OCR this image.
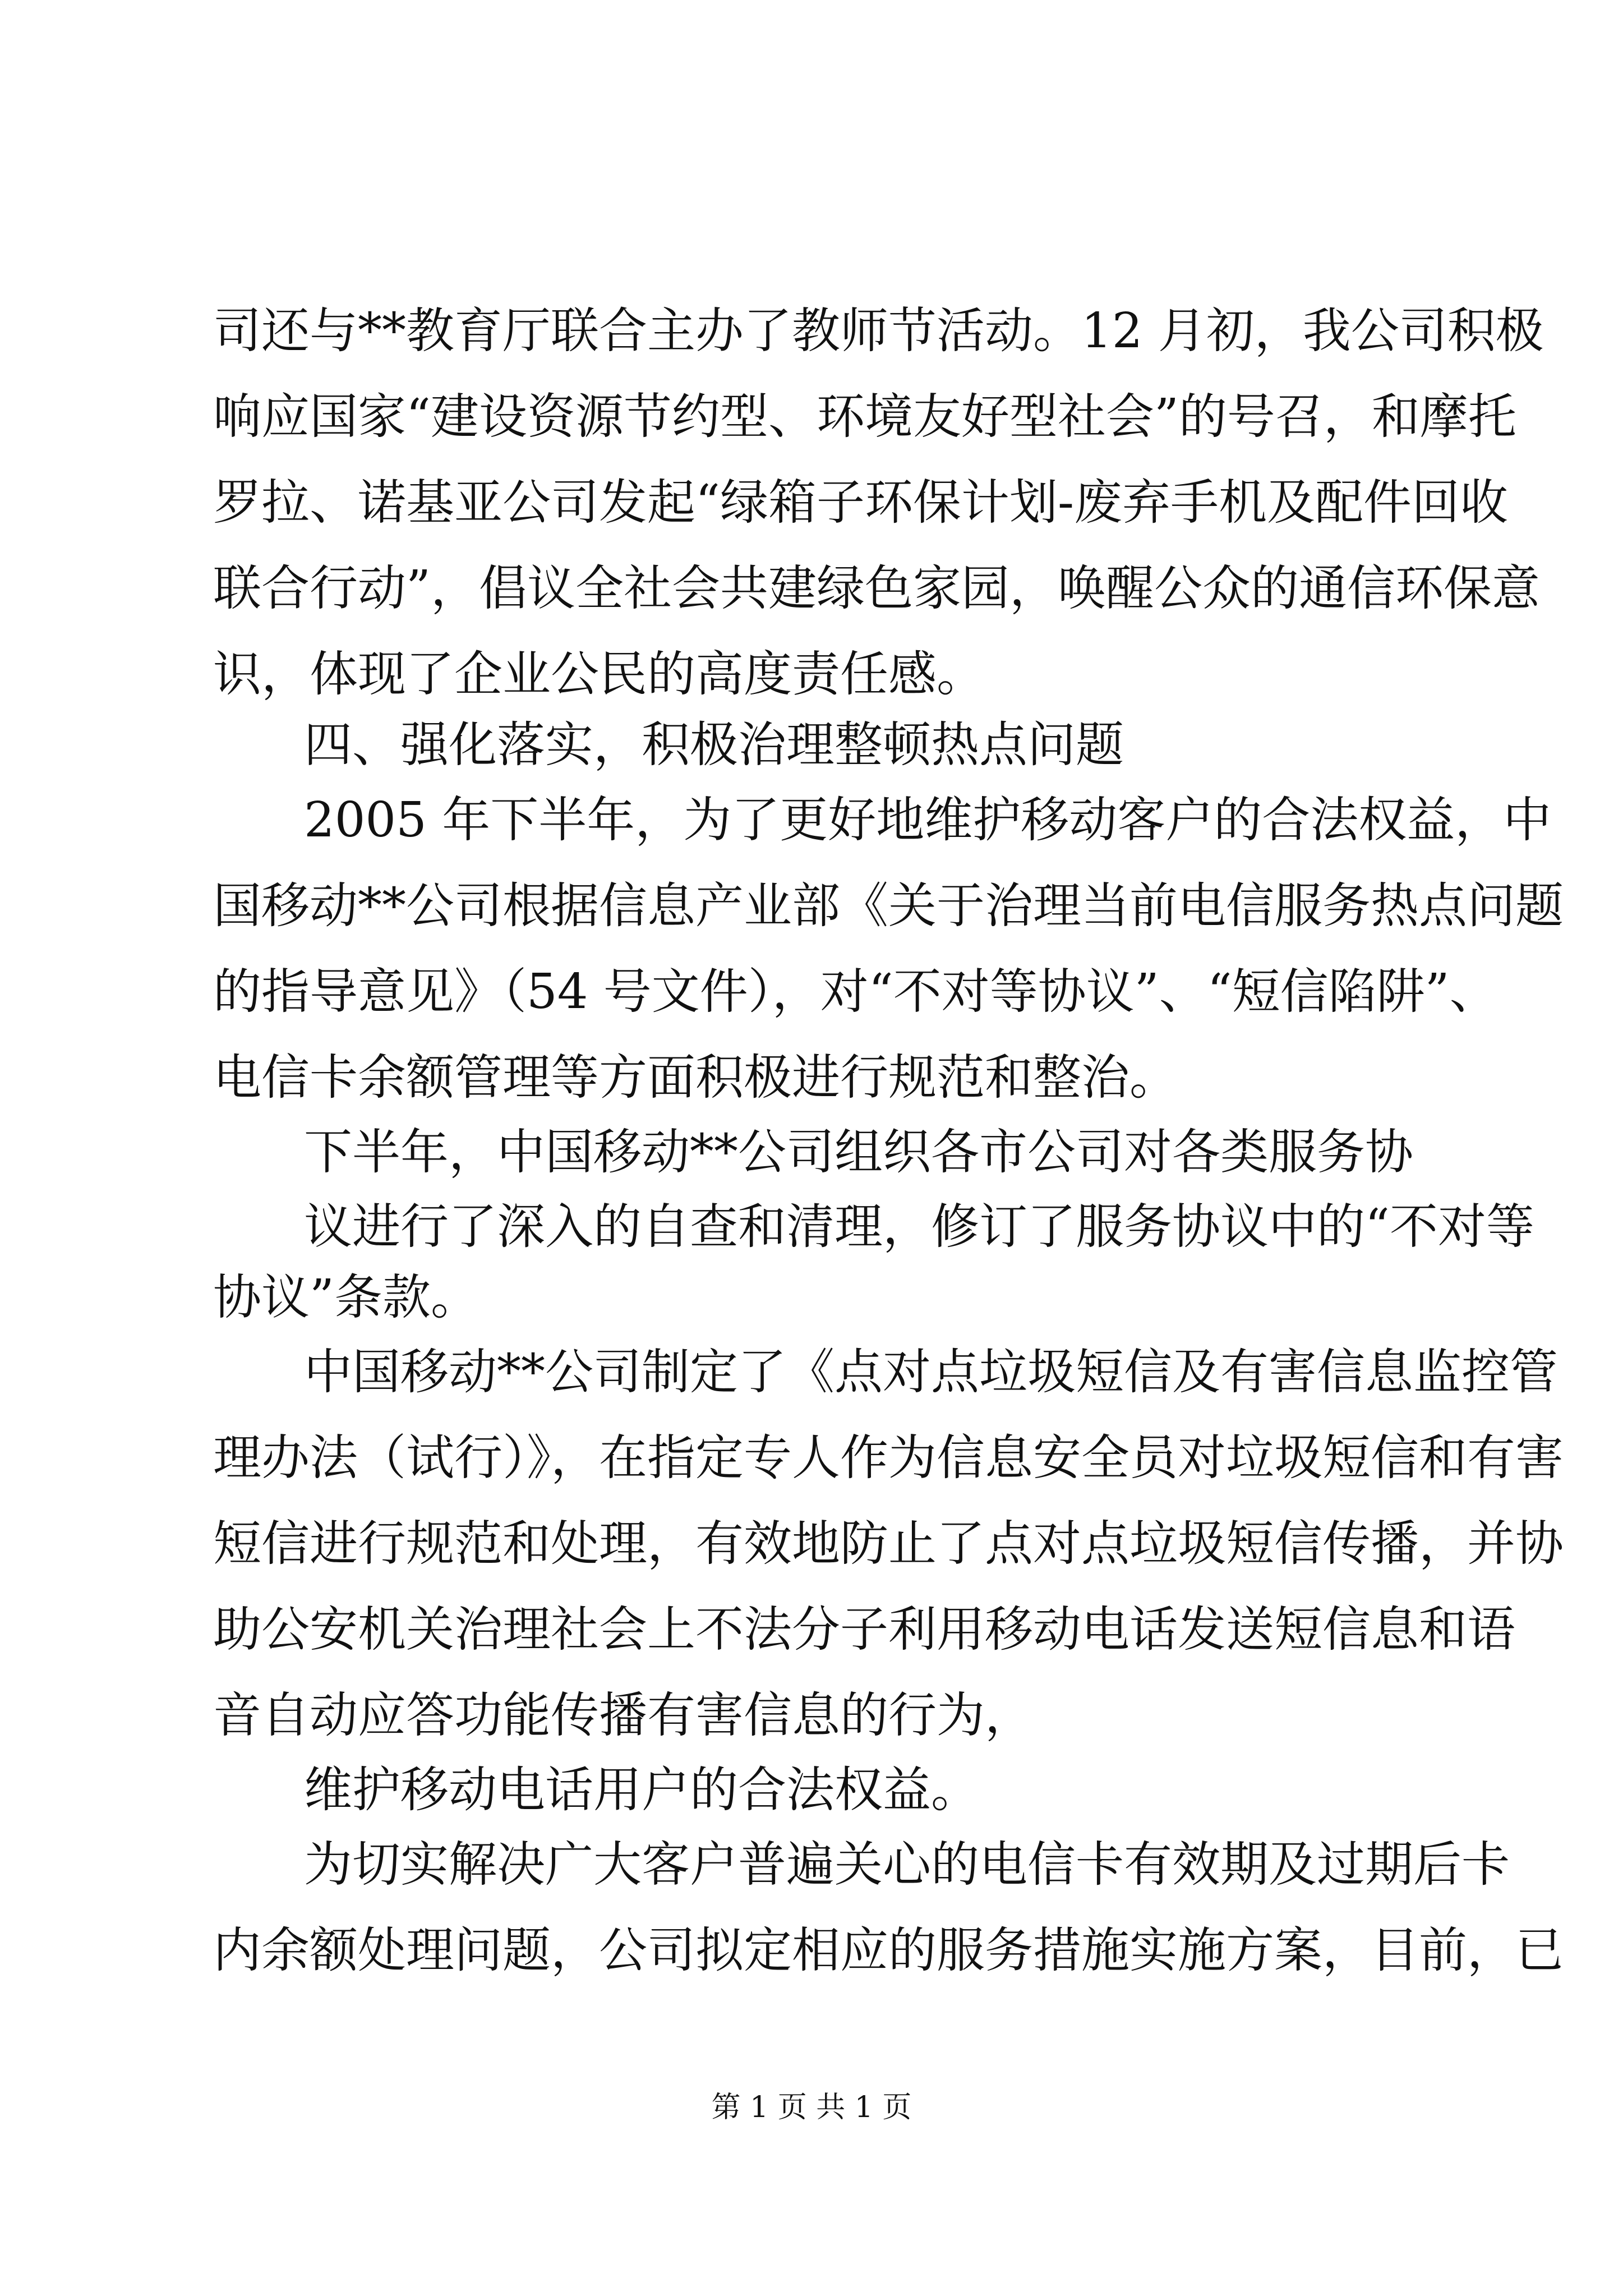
司还与**教育厅联合主办了教师节活动。12 月初，我公司积极
响应国家“建设资源节约型、环境友好型社会”的号召，和摩托
罗拉、诺基亚公司发起“绿箱子环保计划-废弃手机及配件回收
联合行动”，倡议全社会共建绿色家园，唤醒公众的通信环保意
识，体现了企业公民的高度责任感。
四、强化落实，积极治理整顿热点问题
2005 年下半年，为了更好地维护移动客户的合法权益，中
国移动**公司根据信息产业部《关于治理当前电信服务热点问题
的指导意见》（54 号文件），对“不对等协议”、“短信陷阱”、
电信卡余额管理等方面积极进行规范和整治。
下半年，中国移动**公司组织各市公司对各类服务协
议进行了深入的自查和清理，修订了服务协议中的“不对等
协议”条款。
中国移动**公司制定了《点对点垃圾短信及有害信息监控管
理办法（试行）》，在指定专人作为信息安全员对垃圾短信和有害
短信进行规范和处理，有效地防止了点对点垃圾短信传播，并协
助公安机关治理社会上不法分子利用移动电话发送短信息和语
音自动应答功能传播有害信息的行为，
维护移动电话用户的合法权益。
为切实解决广大客户普遍关心的电信卡有效期及过期后卡
内余额处理问题，公司拟定相应的服务措施实施方案，目前，已
第 1 页 共 1 页
